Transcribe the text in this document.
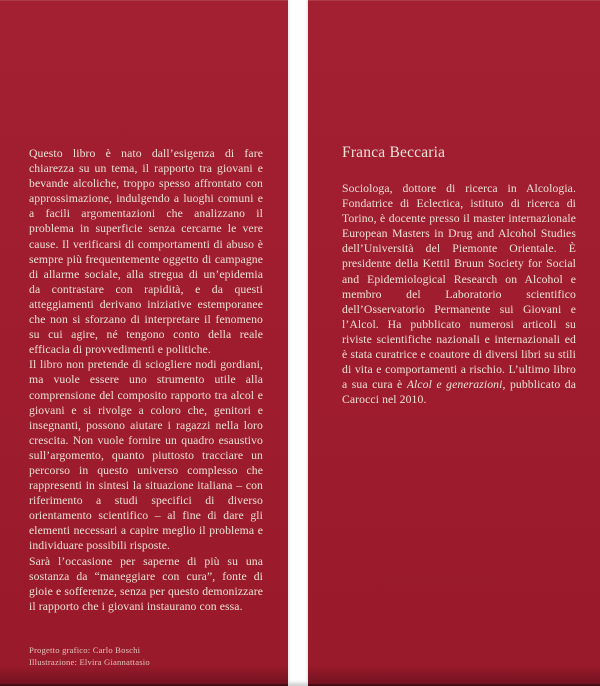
Questo libro è nato dall’esigenza di fare chiarezza su un tema, il rapporto tra giovani e bevande alcoliche, troppo spesso affrontato con approssimazione, indulgendo a luoghi comuni e a facili argomentazioni che analizzano il problema in superficie senza cercarne le vere cause. Il verificarsi di comportamenti di abuso è sempre più frequentemente oggetto di campagne di allarme sociale, alla stregua di un’epidemia da contrastare con rapidità, e da questi atteggiamenti derivano iniziative estemporanee che non si sforzano di interpretare il fenomeno su cui agire, né tengono conto della reale efficacia di provvedimenti e politiche.

Il libro non pretende di sciogliere nodi gordiani, ma vuole essere uno strumento utile alla comprensione del composito rapporto tra alcol e giovani e si rivolge a coloro che, genitori e insegnanti, possono aiutare i ragazzi nella loro crescita. Non vuole fornire un quadro esaustivo sull’argomento, quanto piuttosto tracciare un percorso in questo universo complesso che rappresenti in sintesi la situazione italiana – con riferimento a studi specifici di diverso orientamento scientifico – al fine di dare gli elementi necessari a capire meglio il problema e individuare possibili risposte.

Sarà l’occasione per saperne di più su una sostanza da “maneggiare con cura”, fonte di gioie e sofferenze, senza per questo demonizzare il rapporto che i giovani instaurano con essa.

Progetto grafico: Carlo Boschi
Illustrazione: Elvira Giannattasio
Franca Beccaria

Sociologa, dottore di ricerca in Alcologia. Fondatrice di Eclectica, istituto di ricerca di Torino, è docente presso il master internazionale European Masters in Drug and Alcohol Studies dell’Università del Piemonte Orientale. È presidente della Kettil Bruun Society for Social and Epidemiological Research on Alcohol e membro del Laboratorio scientifico dell’Osservatorio Permanente sui Giovani e l’Alcol. Ha pubblicato numerosi articoli su riviste scientifiche nazionali e internazionali ed è stata curatrice e coautore di diversi libri su stili di vita e comportamenti a rischio. L’ultimo libro a sua cura è Alcol e generazioni, pubblicato da Carocci nel 2010.
